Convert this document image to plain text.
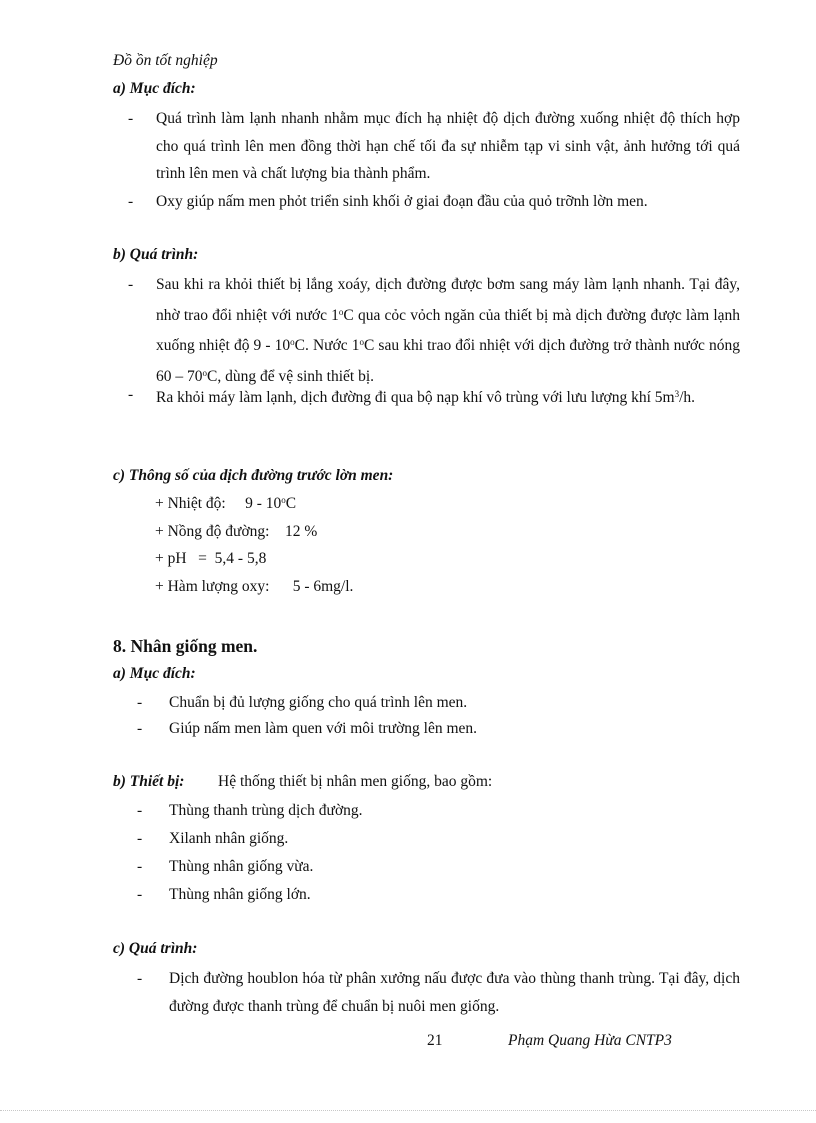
Đồ ồn tốt nghiệp
a) Mục đích:
- Quá trình làm lạnh nhanh nhằm mục đích hạ nhiệt độ dịch đường xuống nhiệt độ thích hợp cho quá trình lên men đồng thời hạn chế tối đa sự nhiễm tạp vi sinh vật, ảnh hưởng tới quá trình lên men và chất lượng bia thành phẩm.
- Oxy giúp nấm men phỏt triển sinh khối ở giai đoạn đầu của quỏ trỡnh lờn men.
b) Quá trình:
- Sau khi ra khỏi thiết bị lắng xoáy, dịch đường được bơm sang máy làm lạnh nhanh. Tại đây, nhờ trao đổi nhiệt với nước 1$^o$C qua cỏc vỏch ngăn của thiết bị mà dịch đường được làm lạnh xuống nhiệt độ 9 - 10$^o$C. Nước 1$^o$C sau khi trao đổi nhiệt với dịch đường trở thành nước nóng 60 – 70$^o$C, dùng để vệ sinh thiết bị.
- Ra khỏi máy làm lạnh, dịch đường đi qua bộ nạp khí vô trùng với lưu lượng khí $5m^3/h$.
c) Thông số của dịch đường trước lờn men:
+ Nhiệt độ:     $9 - 10^oC$
+ Nồng độ đường:    12 %
+ pH   =  5,4 - 5,8
+ Hàm lượng oxy:      5 - 6mg/l.
8. Nhân giống men.
a) Mục đích:
- Chuẩn bị đủ lượng giống cho quá trình lên men.
- Giúp nấm men làm quen với môi trường lên men.
b) Thiết bị: Hệ thống thiết bị nhân men giống, bao gồm:
- Thùng thanh trùng dịch đường.
- Xilanh nhân giống.
- Thùng nhân giống vừa.
- Thùng nhân giống lớn.
c) Quá trình:
- Dịch đường houblon hóa từ phân xưởng nấu được đưa vào thùng thanh trùng. Tại đây, dịch đường được thanh trùng để chuẩn bị nuôi men giống.
21	Phạm Quang Hừa CNTP3
